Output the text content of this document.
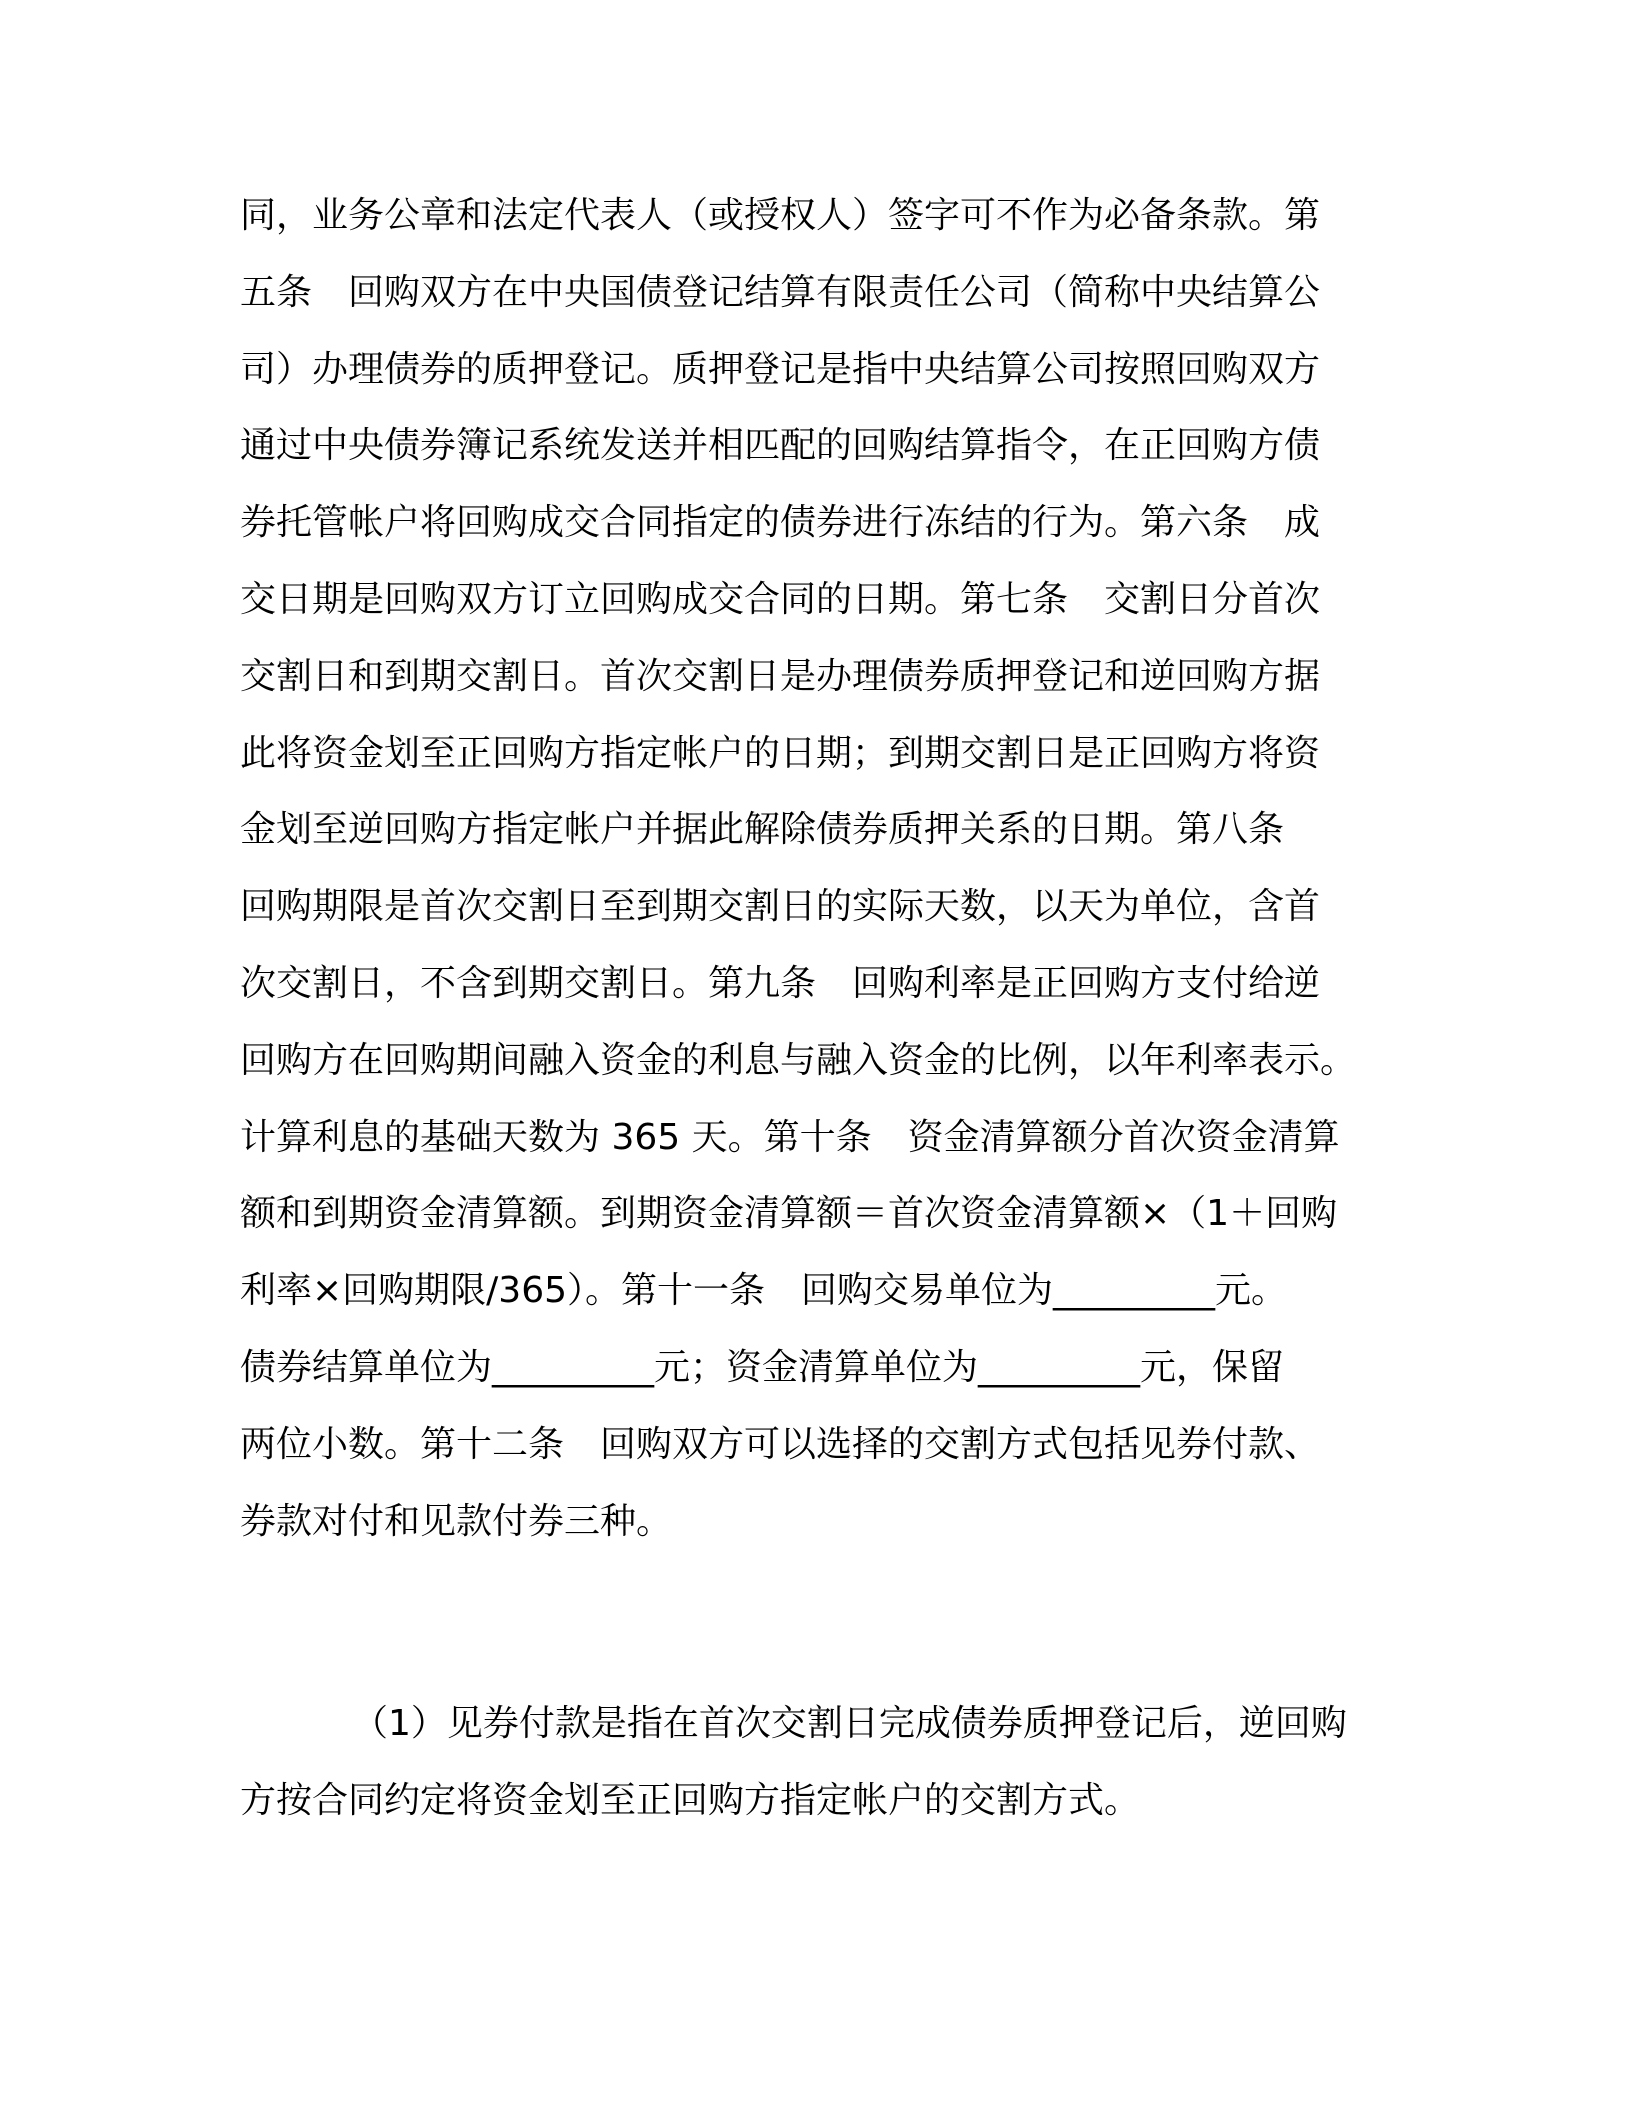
同，业务公章和法定代表人（或授权人）签字可不作为必备条款。第
五条　回购双方在中央国债登记结算有限责任公司（简称中央结算公
司）办理债券的质押登记。质押登记是指中央结算公司按照回购双方
通过中央债券簿记系统发送并相匹配的回购结算指令，在正回购方债
券托管帐户将回购成交合同指定的债券进行冻结的行为。第六条　成
交日期是回购双方订立回购成交合同的日期。第七条　交割日分首次
交割日和到期交割日。首次交割日是办理债券质押登记和逆回购方据
此将资金划至正回购方指定帐户的日期；到期交割日是正回购方将资
金划至逆回购方指定帐户并据此解除债券质押关系的日期。第八条
回购期限是首次交割日至到期交割日的实际天数，以天为单位，含首
次交割日，不含到期交割日。第九条　回购利率是正回购方支付给逆
回购方在回购期间融入资金的利息与融入资金的比例，以年利率表示。
计算利息的基础天数为 365 天。第十条　资金清算额分首次资金清算
额和到期资金清算额。到期资金清算额＝首次资金清算额×（1＋回购
利率×回购期限/365）。第十一条　回购交易单位为_________元。
债券结算单位为_________元；资金清算单位为_________元，保留
两位小数。第十二条　回购双方可以选择的交割方式包括见券付款、
券款对付和见款付券三种。
（1）见券付款是指在首次交割日完成债券质押登记后，逆回购
方按合同约定将资金划至正回购方指定帐户的交割方式。
